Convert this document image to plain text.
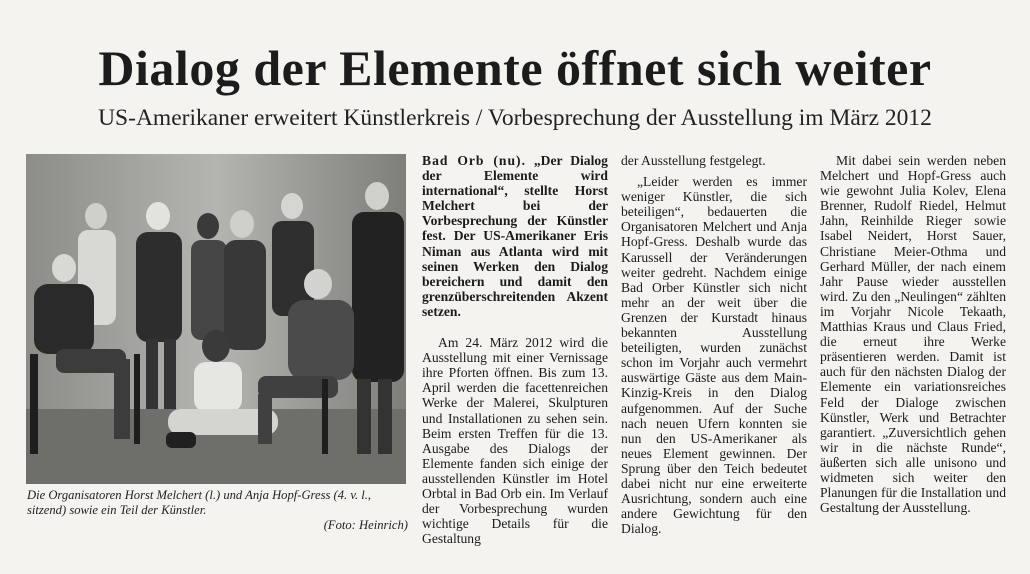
Dialog der Elemente öffnet sich weiter
US-Amerikaner erweitert Künstlerkreis / Vorbesprechung der Ausstellung im März 2012
Die Organisatoren Horst Melchert (l.) und Anja Hopf-Gress (4. v. l., sitzend) sowie ein Teil der Künstler.
(Foto: Heinrich)

Bad Orb (nu). „Der Dialog der Elemente wird international“, stellte Horst Melchert bei der Vorbesprechung der Künstler fest. Der US-Amerikaner Eris Niman aus Atlanta wird mit seinen Werken den Dialog bereichern und damit den grenzüberschreitenden Akzent setzen.

Am 24. März 2012 wird die Ausstellung mit einer Vernissage ihre Pforten öffnen. Bis zum 13. April werden die facettenreichen Werke der Malerei, Skulpturen und Installationen zu sehen sein. Beim ersten Treffen für die 13. Ausgabe des Dialogs der Elemente fanden sich einige der ausstellenden Künstler im Hotel Orbtal in Bad Orb ein. Im Verlauf der Vorbesprechung wurden wichtige Details für die Gestaltung

der Ausstellung festgelegt.

„Leider werden es immer weniger Künstler, die sich beteiligen“, bedauerten die Organisatoren Melchert und Anja Hopf-Gress. Deshalb wurde das Karussell der Veränderungen weiter gedreht. Nachdem einige Bad Orber Künstler sich nicht mehr an der weit über die Grenzen der Kurstadt hinaus bekannten Ausstellung beteiligten, wurden zunächst schon im Vorjahr auch vermehrt auswärtige Gäste aus dem Main-Kinzig-Kreis in den Dialog aufgenommen. Auf der Suche nach neuen Ufern konnten sie nun den US-Amerikaner als neues Element gewinnen. Der Sprung über den Teich bedeutet dabei nicht nur eine erweiterte Ausrichtung, sondern auch eine andere Gewichtung für den Dialog.

Mit dabei sein werden neben Melchert und Hopf-Gress auch wie gewohnt Julia Kolev, Elena Brenner, Rudolf Riedel, Helmut Jahn, Reinhilde Rieger sowie Isabel Neidert, Horst Sauer, Christiane Meier-Othma und Gerhard Müller, der nach einem Jahr Pause wieder ausstellen wird. Zu den „Neulingen“ zählten im Vorjahr Nicole Tekaath, Matthias Kraus und Claus Fried, die erneut ihre Werke präsentieren werden. Damit ist auch für den nächsten Dialog der Elemente ein variationsreiches Feld der Dialoge zwischen Künstler, Werk und Betrachter garantiert. „Zuversichtlich gehen wir in die nächste Runde“, äußerten sich alle unisono und widmeten sich weiter den Planungen für die Installation und Gestaltung der Ausstellung.
